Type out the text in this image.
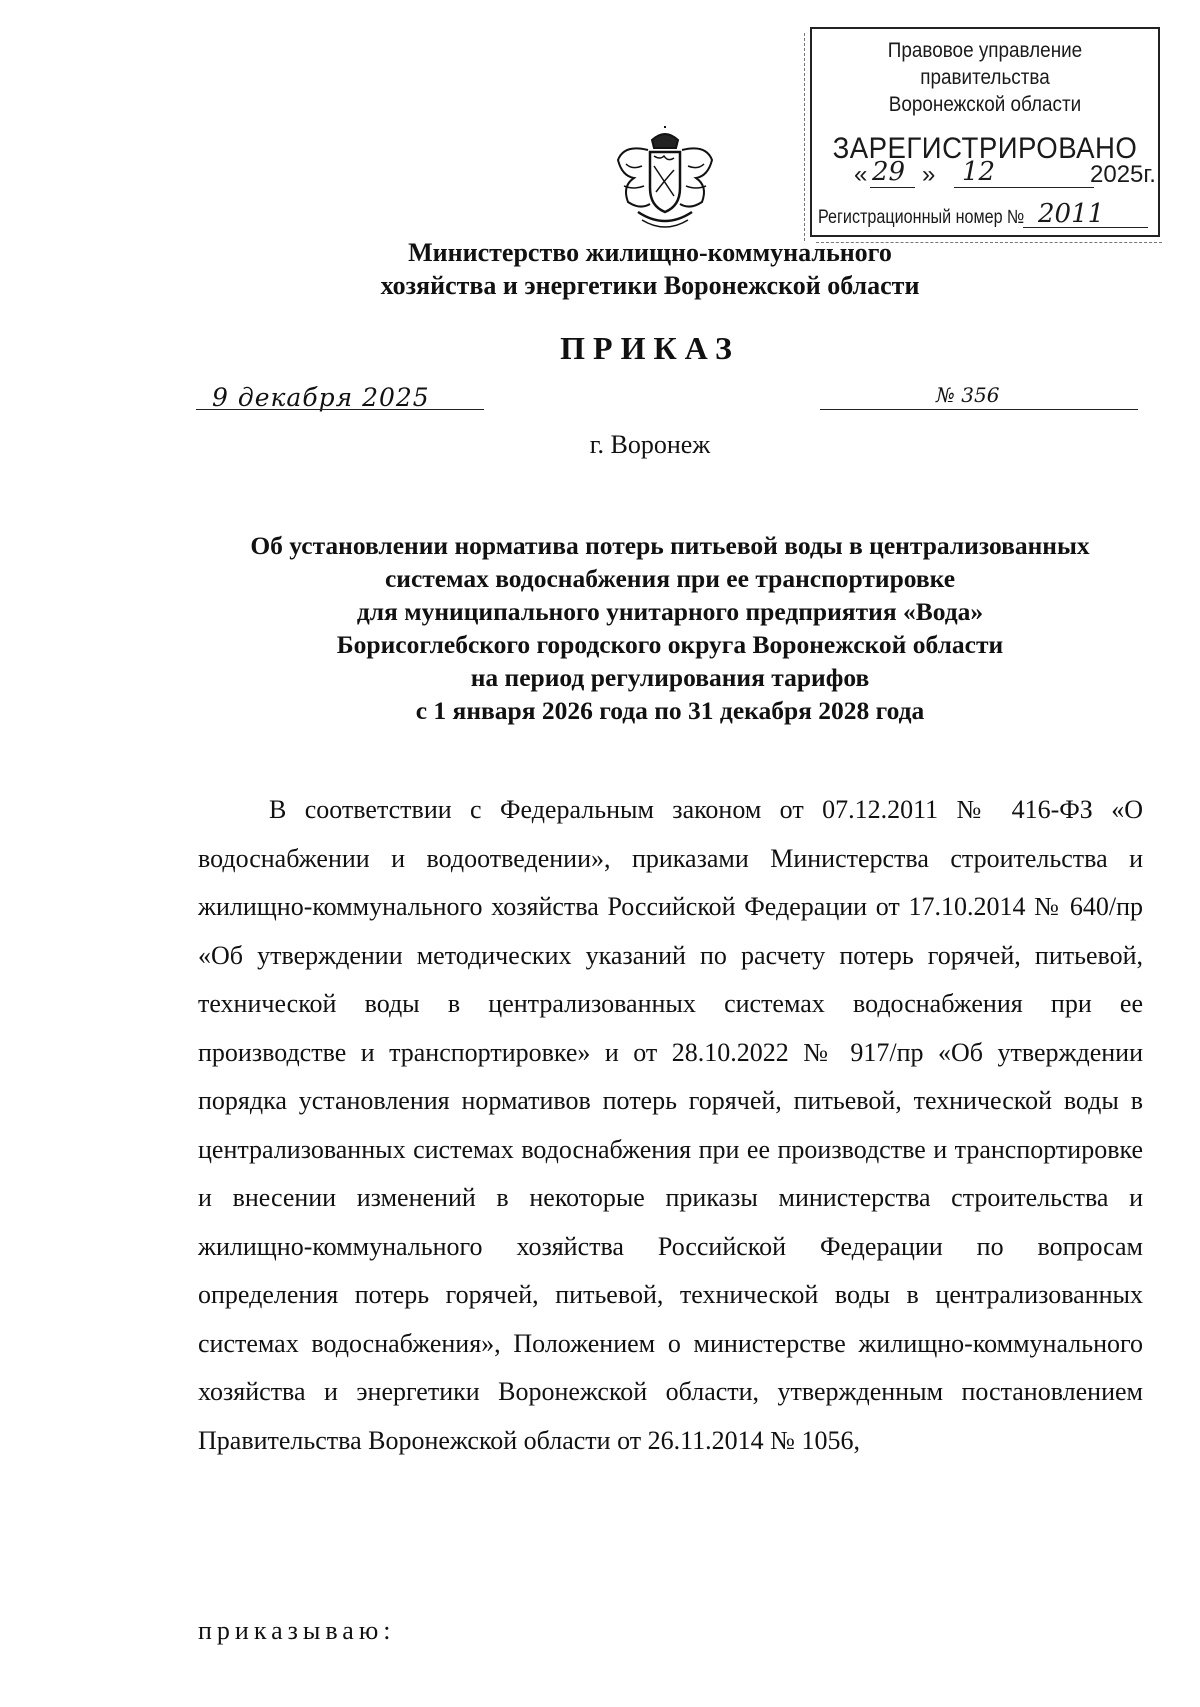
Правовое управление правительства
Воронежской области
ЗАРЕГИСТРИРОВАНО
« 29 » 12	2025г.
Регистрационный номер № 2011
Министерство жилищно-коммунального
хозяйства и энергетики Воронежской области
ПРИКАЗ
9 декабря 2025	№ 356
г. Воронеж
Об установлении норматива потерь питьевой воды в централизованных
системах водоснабжения при ее транспортировке
для муниципального унитарного предприятия «Вода»
Борисоглебского городского округа Воронежской области
на период регулирования тарифов
с 1 января 2026 года по 31 декабря 2028 года
В соответствии с Федеральным законом от 07.12.2011 № 416-ФЗ «О водоснабжении и водоотведении», приказами Министерства строительства и жилищно-коммунального хозяйства Российской Федерации от 17.10.2014 № 640/пр «Об утверждении методических указаний по расчету потерь горячей, питьевой, технической воды в централизованных системах водоснабжения при ее производстве и транспортировке» и от 28.10.2022 № 917/пр «Об утверждении порядка установления нормативов потерь горячей, питьевой, технической воды в централизованных системах водоснабжения при ее производстве и транспортировке и внесении изменений в некоторые приказы министерства строительства и жилищно-коммунального хозяйства Российской Федерации по вопросам определения потерь горячей, питьевой, технической воды в централизованных системах водоснабжения», Положением о министерстве жилищно-коммунального хозяйства и энергетики Воронежской области, утвержденным постановлением Правительства Воронежской области от 26.11.2014 № 1056,
приказываю:
